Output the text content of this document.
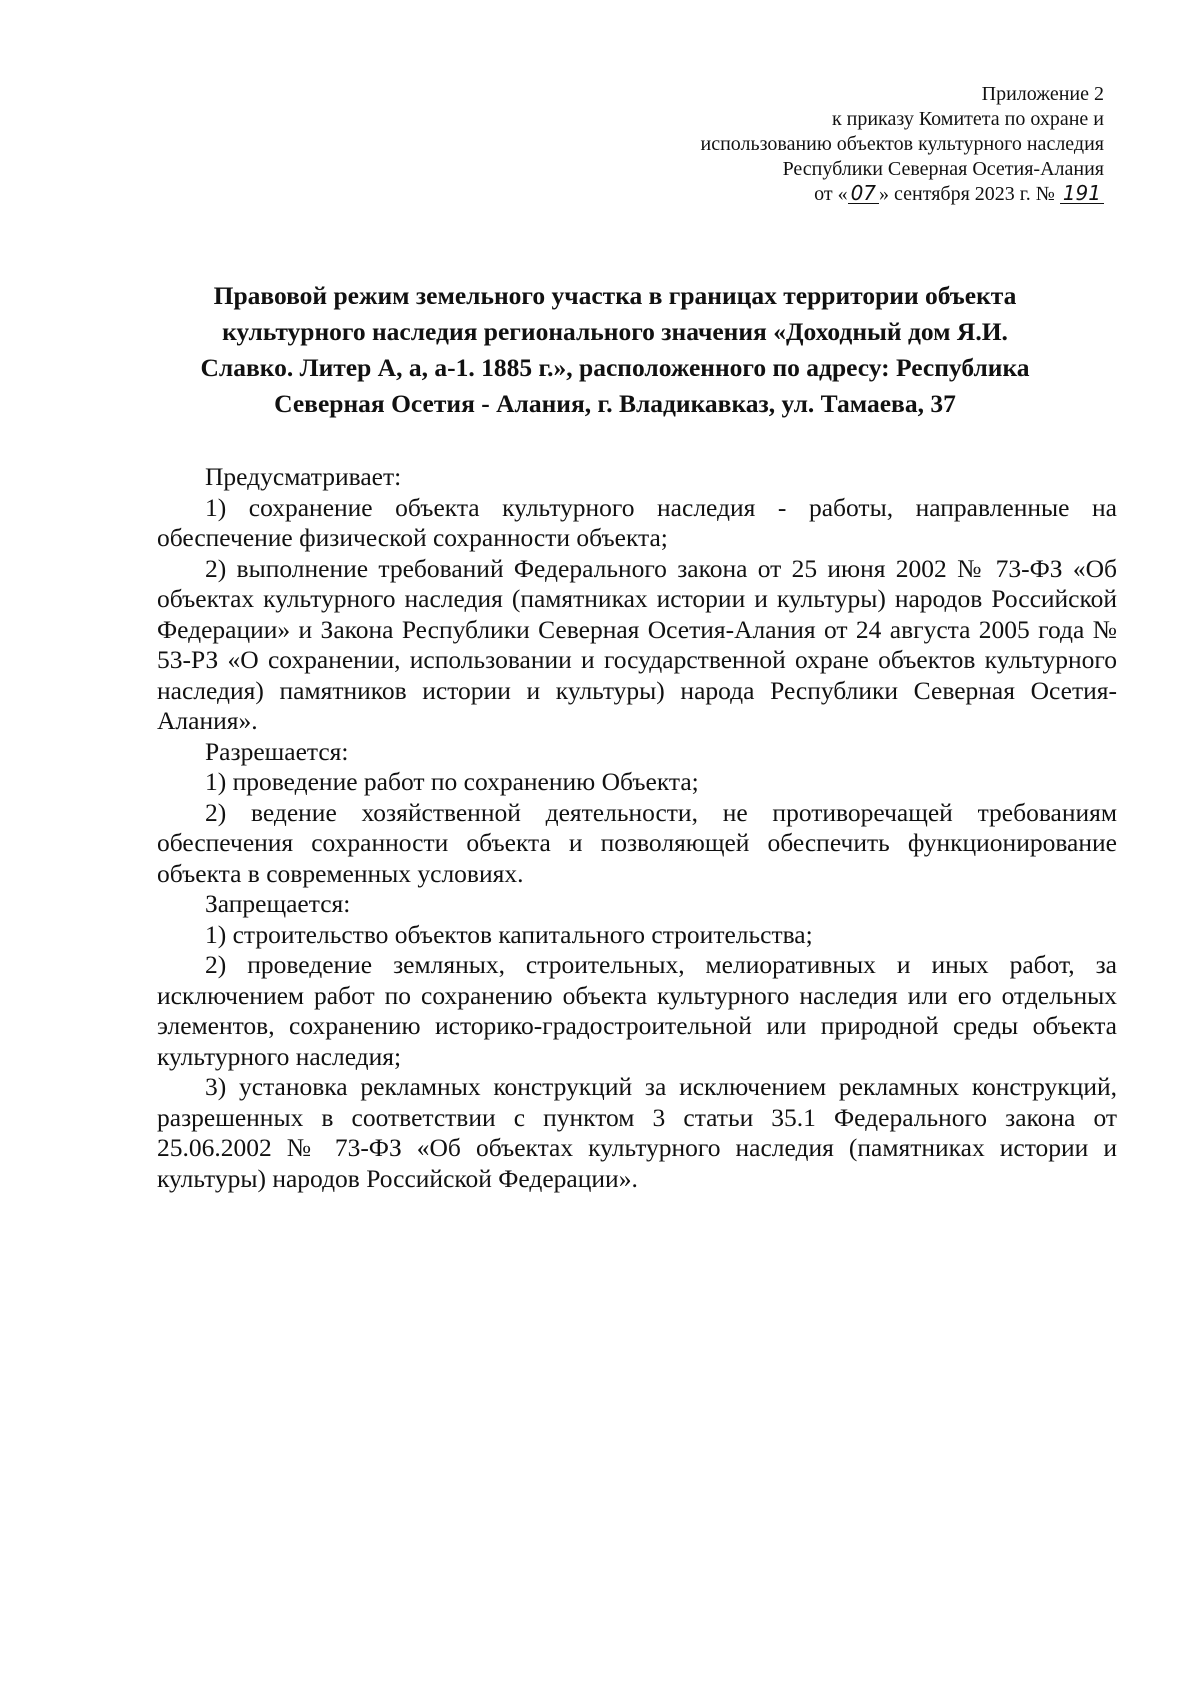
Приложение 2
к приказу Комитета по охране и
использованию объектов культурного наследия
Республики Северная Осетия-Алания
от « 07 » сентября 2023 г. № 191
Правовой режим земельного участка в границах территории объекта
культурного наследия регионального значения «Доходный дом Я.И.
Славко. Литер А, а, а-1. 1885 г.», расположенного по адресу: Республика
Северная Осетия - Алания, г. Владикавказ, ул. Тамаева, 37

Предусматривает:

1) сохранение объекта культурного наследия - работы, направленные на обеспечение физической сохранности объекта;

2) выполнение требований Федерального закона от 25 июня 2002 № 73-ФЗ «Об объектах культурного наследия (памятниках истории и культуры) народов Российской Федерации» и Закона Республики Северная Осетия-Алания от 24 августа 2005 года № 53-РЗ «О сохранении, использовании и государственной охране объектов культурного наследия) памятников истории и культуры) народа Республики Северная Осетия-Алания».

Разрешается:

1) проведение работ по сохранению Объекта;

2) ведение хозяйственной деятельности, не противоречащей требованиям обеспечения сохранности объекта и позволяющей обеспечить функционирование объекта в современных условиях.

Запрещается:

1) строительство объектов капитального строительства;

2) проведение земляных, строительных, мелиоративных и иных работ, за исключением работ по сохранению объекта культурного наследия или его отдельных элементов, сохранению историко-градостроительной или природной среды объекта культурного наследия;

3) установка рекламных конструкций за исключением рекламных конструкций, разрешенных в соответствии с пунктом 3 статьи 35.1 Федерального закона от 25.06.2002 № 73-ФЗ «Об объектах культурного наследия (памятниках истории и культуры) народов Российской Федерации».
